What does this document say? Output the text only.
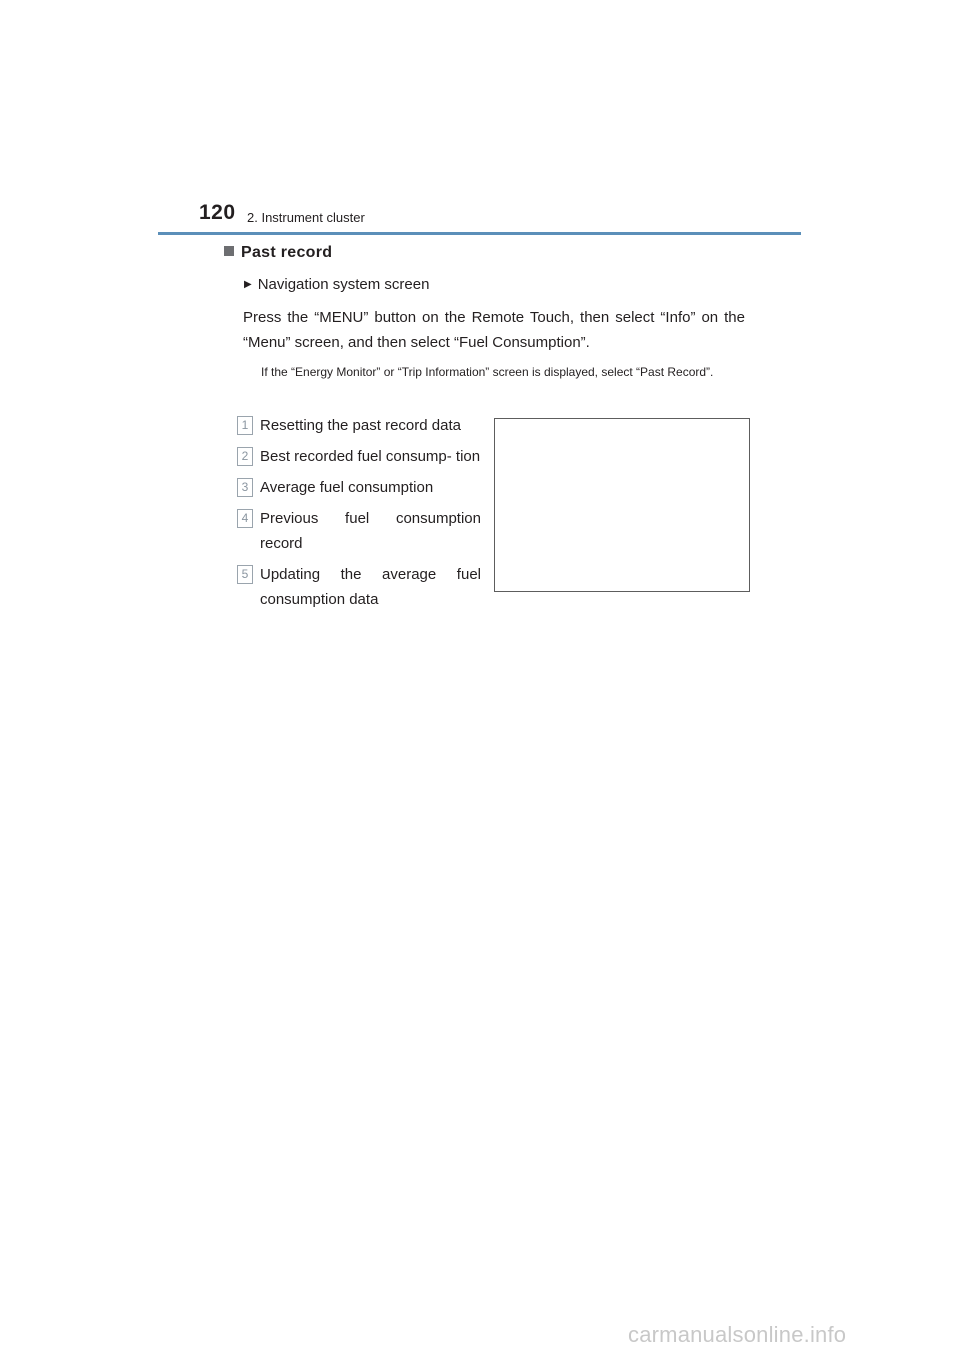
120 2. Instrument cluster
Past record
▶ Navigation system screen
Press the “MENU” button on the Remote Touch, then select “Info” on the “Menu” screen, and then select “Fuel Consumption”.
If the “Energy Monitor” or “Trip Information” screen is displayed, select “Past Record”.
1 Resetting the past record data
2 Best recorded fuel consump- tion
3 Average fuel consumption
4 Previous fuel consumption record
5 Updating the average fuel consumption data
carmanualsonline.info
